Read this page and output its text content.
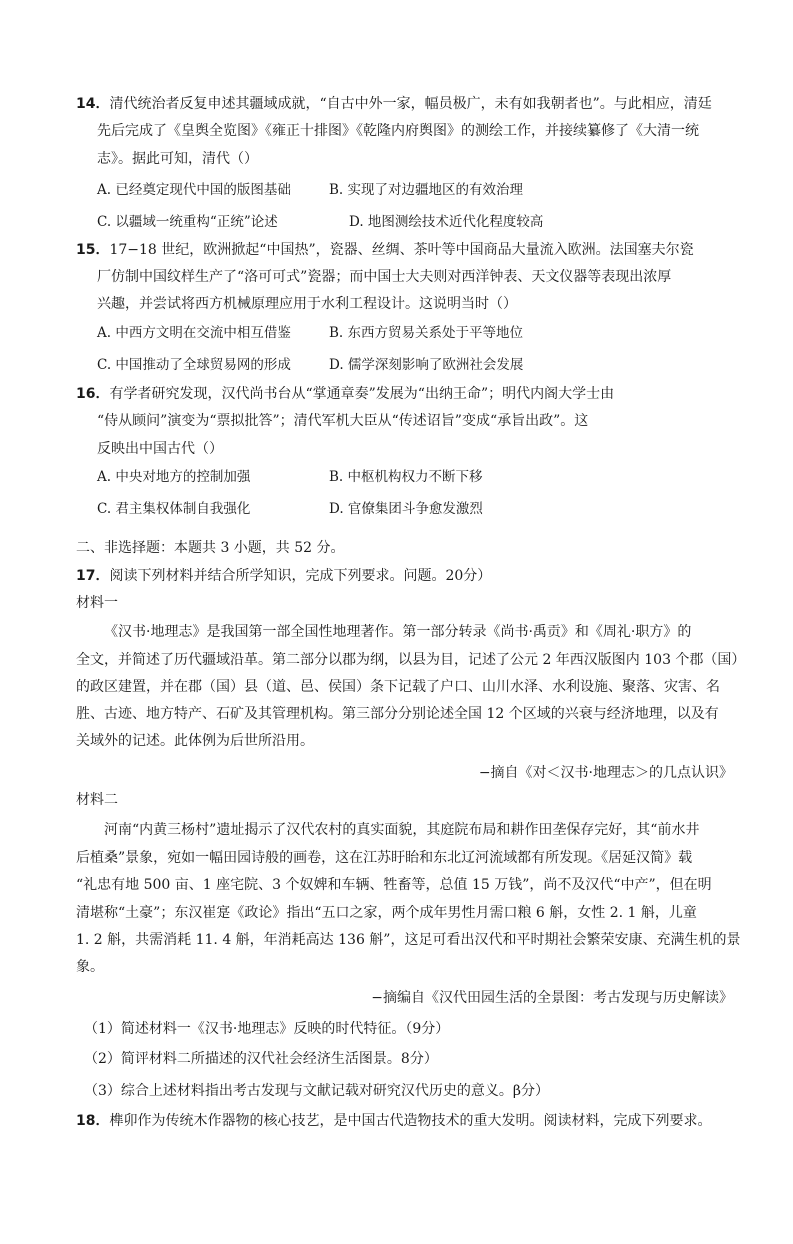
14．清代统治者反复申述其疆域成就，“自古中外一家，幅员极广，未有如我朝者也”。与此相应，清廷
先后完成了《皇舆全览图》《雍正十排图》《乾隆内府舆图》的测绘工作，并接续纂修了《大清一统
志》。据此可知，清代（）
A. 已经奠定现代中国的版图基础	B. 实现了对边疆地区的有效治理
C. 以疆域一统重构“正统”论述	D. 地图测绘技术近代化程度较高
15．17−18 世纪，欧洲掀起“中国热”，瓷器、丝绸、茶叶等中国商品大量流入欧洲。法国塞夫尔瓷
厂仿制中国纹样生产了“洛可可式”瓷器；而中国士大夫则对西洋钟表、天文仪器等表现出浓厚
兴趣，并尝试将西方机械原理应用于水利工程设计。这说明当时（）
A. 中西方文明在交流中相互借鉴	B. 东西方贸易关系处于平等地位
C. 中国推动了全球贸易网的形成	D. 儒学深刻影响了欧洲社会发展
16．有学者研究发现，汉代尚书台从“掌通章奏”发展为“出纳王命”；明代内阁大学士由
“侍从顾问”演变为“票拟批答”；清代军机大臣从“传述诏旨”变成“承旨出政”。这
反映出中国古代（）
A. 中央对地方的控制加强	B. 中枢机构权力不断下移
C. 君主集权体制自我强化	D. 官僚集团斗争愈发激烈
二、非选择题：本题共 3 小题，共 52 分。
17．阅读下列材料并结合所学知识，完成下列要求。问题。20分）
材料一
《汉书·地理志》是我国第一部全国性地理著作。第一部分转录《尚书·禹贡》和《周礼·职方》的
全文，并简述了历代疆域沿革。第二部分以郡为纲，以县为目，记述了公元 2 年西汉版图内 103 个郡（国）
的政区建置，并在郡（国）县（道、邑、侯国）条下记载了户口、山川水泽、水利设施、聚落、灾害、名
胜、古迹、地方特产、石矿及其管理机构。第三部分分别论述全国 12 个区域的兴衰与经济地理，以及有
关域外的记述。此体例为后世所沿用。
−摘自《对＜汉书·地理志＞的几点认识》
材料二
河南“内黄三杨村”遗址揭示了汉代农村的真实面貌，其庭院布局和耕作田垄保存完好，其“前水井
后植桑”景象，宛如一幅田园诗般的画卷，这在江苏盱眙和东北辽河流域都有所发现。《居延汉简》载
“礼忠有地 500 亩、1 座宅院、3 个奴婢和车辆、牲畜等，总值 15 万钱”，尚不及汉代“中产”，但在明
清堪称“土豪”；东汉崔寔《政论》指出“五口之家，两个成年男性月需口粮 6 斛，女性 2. 1 斛，儿童
1. 2 斛，共需消耗 11. 4 斛，年消耗高达 136 斛”，这足可看出汉代和平时期社会繁荣安康、充满生机的景
象。
−摘编自《汉代田园生活的全景图：考古发现与历史解读》
（1）简述材料一《汉书·地理志》反映的时代特征。（9分）
（2）简评材料二所描述的汉代社会经济生活图景。8分）
（3）综合上述材料指出考古发现与文献记载对研究汉代历史的意义。β分）
18．榫卯作为传统木作器物的核心技艺，是中国古代造物技术的重大发明。阅读材料，完成下列要求。
